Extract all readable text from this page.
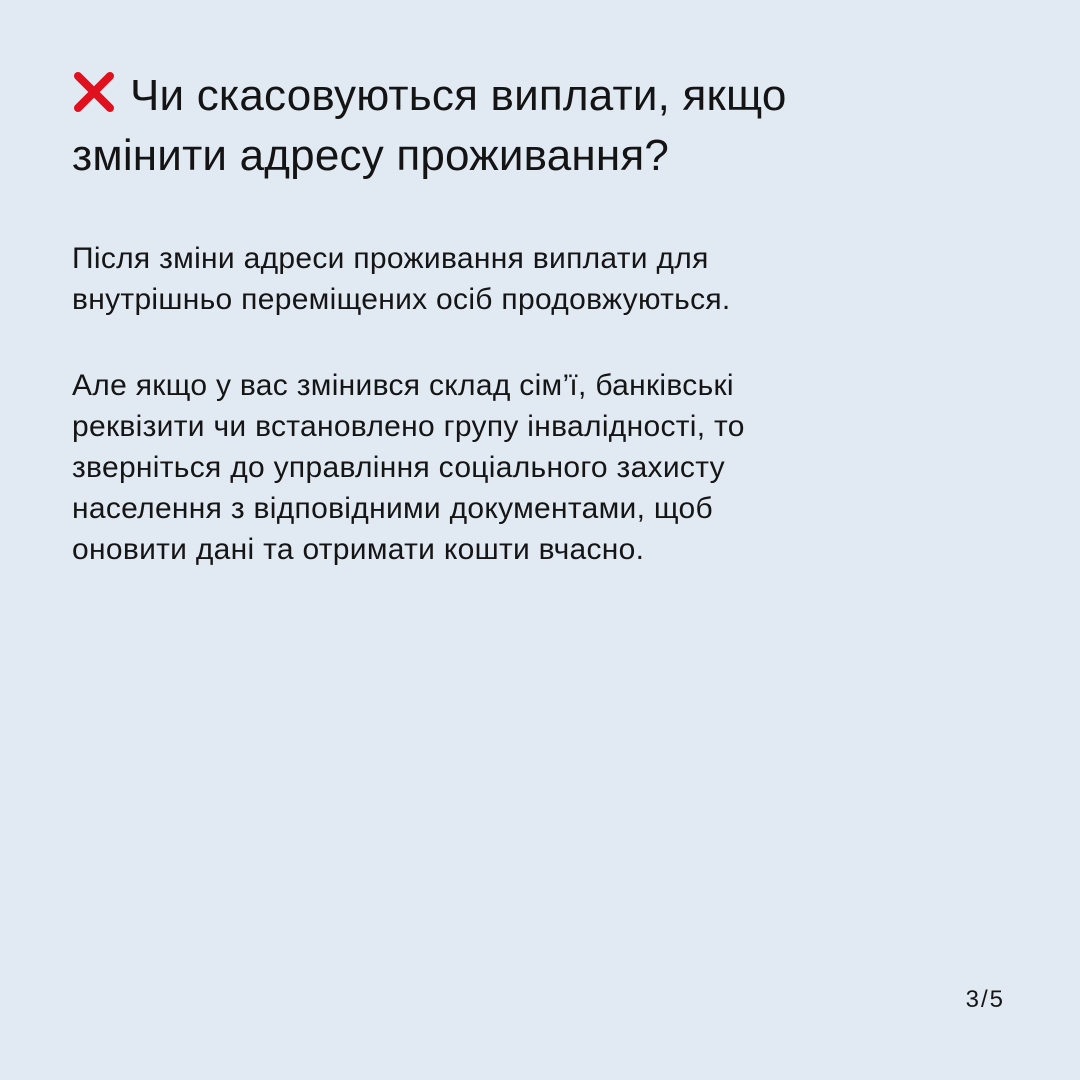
Чи скасовуються виплати, якщо
змінити адресу проживання?
Після зміни адреси проживання виплати для
внутрішньо переміщених осіб продовжуються.
Але якщо у вас змінився склад сім’ї, банківські
реквізити чи встановлено групу інвалідності, то
зверніться до управління соціального захисту
населення з відповідними документами, щоб
оновити дані та отримати кошти вчасно.
3/5
